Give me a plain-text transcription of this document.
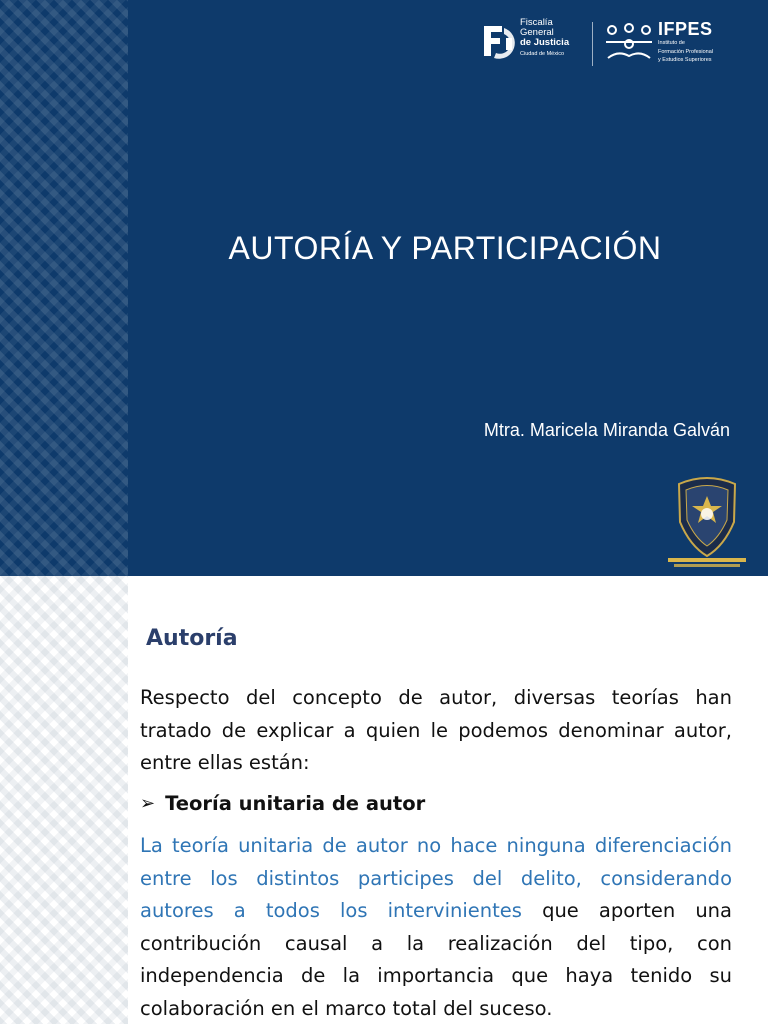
Fiscalía
General
de Justicia
Ciudad de México
IFPES
Instituto de
Formación Profesional
y Estudios Superiores
AUTORÍA Y PARTICIPACIÓN
Mtra. Maricela Miranda Galván
Autoría

Respecto del concepto de autor, diversas teorías han tratado de explicar a quien le podemos denominar autor, entre ellas están:

➢ Teoría unitaria de autor

La teoría unitaria de autor no hace ninguna diferenciación entre los distintos participes del delito, considerando autores a todos los intervinientes que aporten una contribución causal a la realización del tipo, con independencia de la importancia que haya tenido su colaboración en el marco total del suceso.
